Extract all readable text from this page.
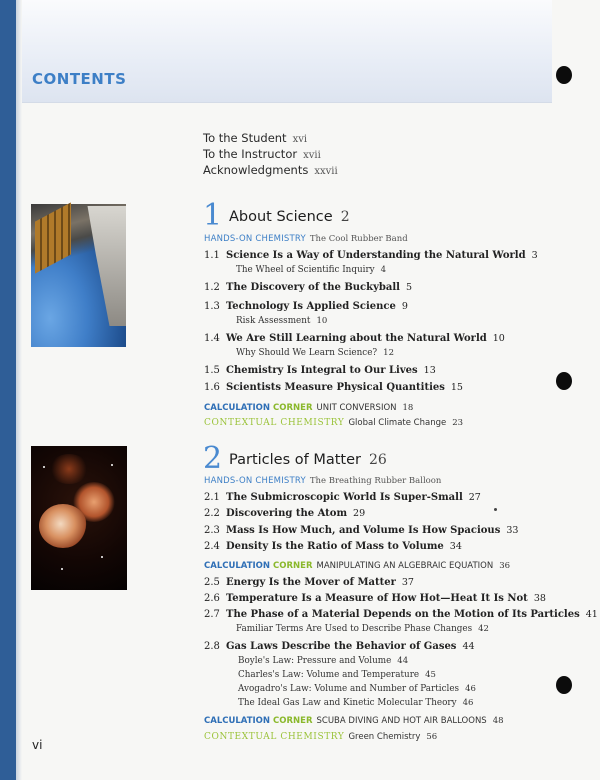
CONTENTS
To the Student xvi
To the Instructor xvii
Acknowledgments xxvii
1 About Science 2
HANDS-ON CHEMISTRY The Cool Rubber Band
1.1 Science Is a Way of Understanding the Natural World 3
The Wheel of Scientific Inquiry 4
1.2 The Discovery of the Buckyball 5
1.3 Technology Is Applied Science 9
Risk Assessment 10
1.4 We Are Still Learning about the Natural World 10
Why Should We Learn Science? 12
1.5 Chemistry Is Integral to Our Lives 13
1.6 Scientists Measure Physical Quantities 15
CALCULATION CORNER UNIT CONVERSION 18
CONTEXTUAL CHEMISTRY Global Climate Change 23
2 Particles of Matter 26
HANDS-ON CHEMISTRY The Breathing Rubber Balloon
2.1 The Submicroscopic World Is Super-Small 27
2.2 Discovering the Atom 29
2.3 Mass Is How Much, and Volume Is How Spacious 33
2.4 Density Is the Ratio of Mass to Volume 34
CALCULATION CORNER MANIPULATING AN ALGEBRAIC EQUATION 36
2.5 Energy Is the Mover of Matter 37
2.6 Temperature Is a Measure of How Hot—Heat It Is Not 38
2.7 The Phase of a Material Depends on the Motion of Its Particles 41
Familiar Terms Are Used to Describe Phase Changes 42
2.8 Gas Laws Describe the Behavior of Gases 44
Boyle's Law: Pressure and Volume 44
Charles's Law: Volume and Temperature 45
Avogadro's Law: Volume and Number of Particles 46
The Ideal Gas Law and Kinetic Molecular Theory 46
CALCULATION CORNER SCUBA DIVING AND HOT AIR BALLOONS 48
CONTEXTUAL CHEMISTRY Green Chemistry 56
vi
